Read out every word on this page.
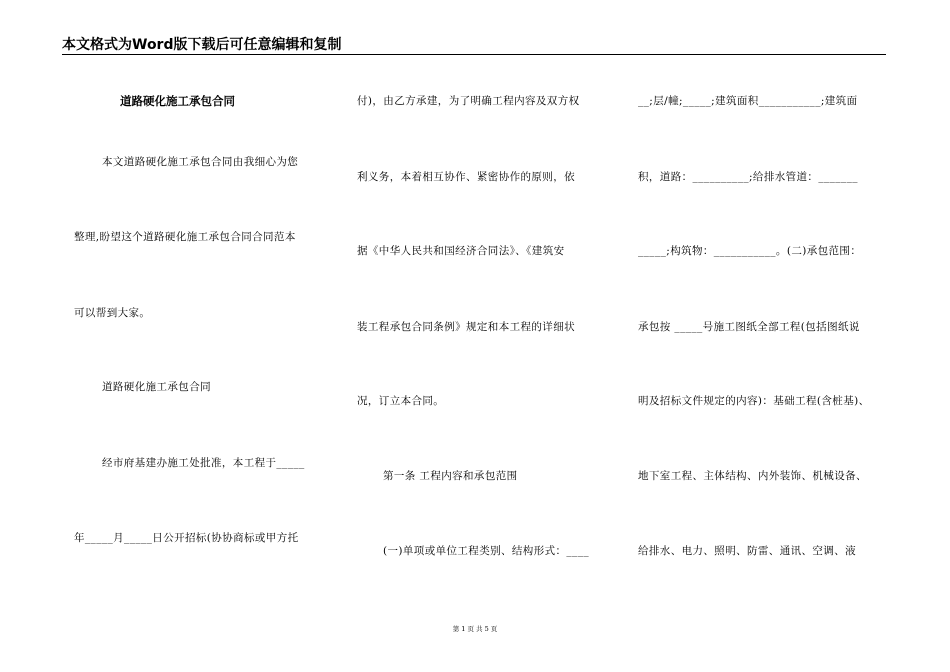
本文格式为Word版下载后可任意编辑和复制
道路硬化施工承包合同
本文道路硬化施工承包合同由我细心为您
整理,盼望这个道路硬化施工承包合同合同范本
可以帮到大家。
道路硬化施工承包合同
经市府基建办施工处批准，本工程于_____
年_____月_____日公开招标(协协商标或甲方托
付)，由乙方承建，为了明确工程内容及双方权
利义务，本着相互协作、紧密协作的原则，依
据《中华人民共和国经济合同法》、《建筑安
装工程承包合同条例》规定和本工程的详细状
况，订立本合同。
第一条 工程内容和承包范围
(一)单项或单位工程类别、结构形式：____
__;层/幢;_____;建筑面积___________;建筑面
积，道路：__________;给排水管道：_______
_____;构筑物：___________。(二)承包范围：
承包按 _____号施工图纸全部工程(包括图纸说
明及招标文件规定的内容)：基础工程(含桩基)、
地下室工程、主体结构、内外装饰、机械设备、
给排水、电力、照明、防雷、通讯、空调、液
第 1 页 共 5 页
